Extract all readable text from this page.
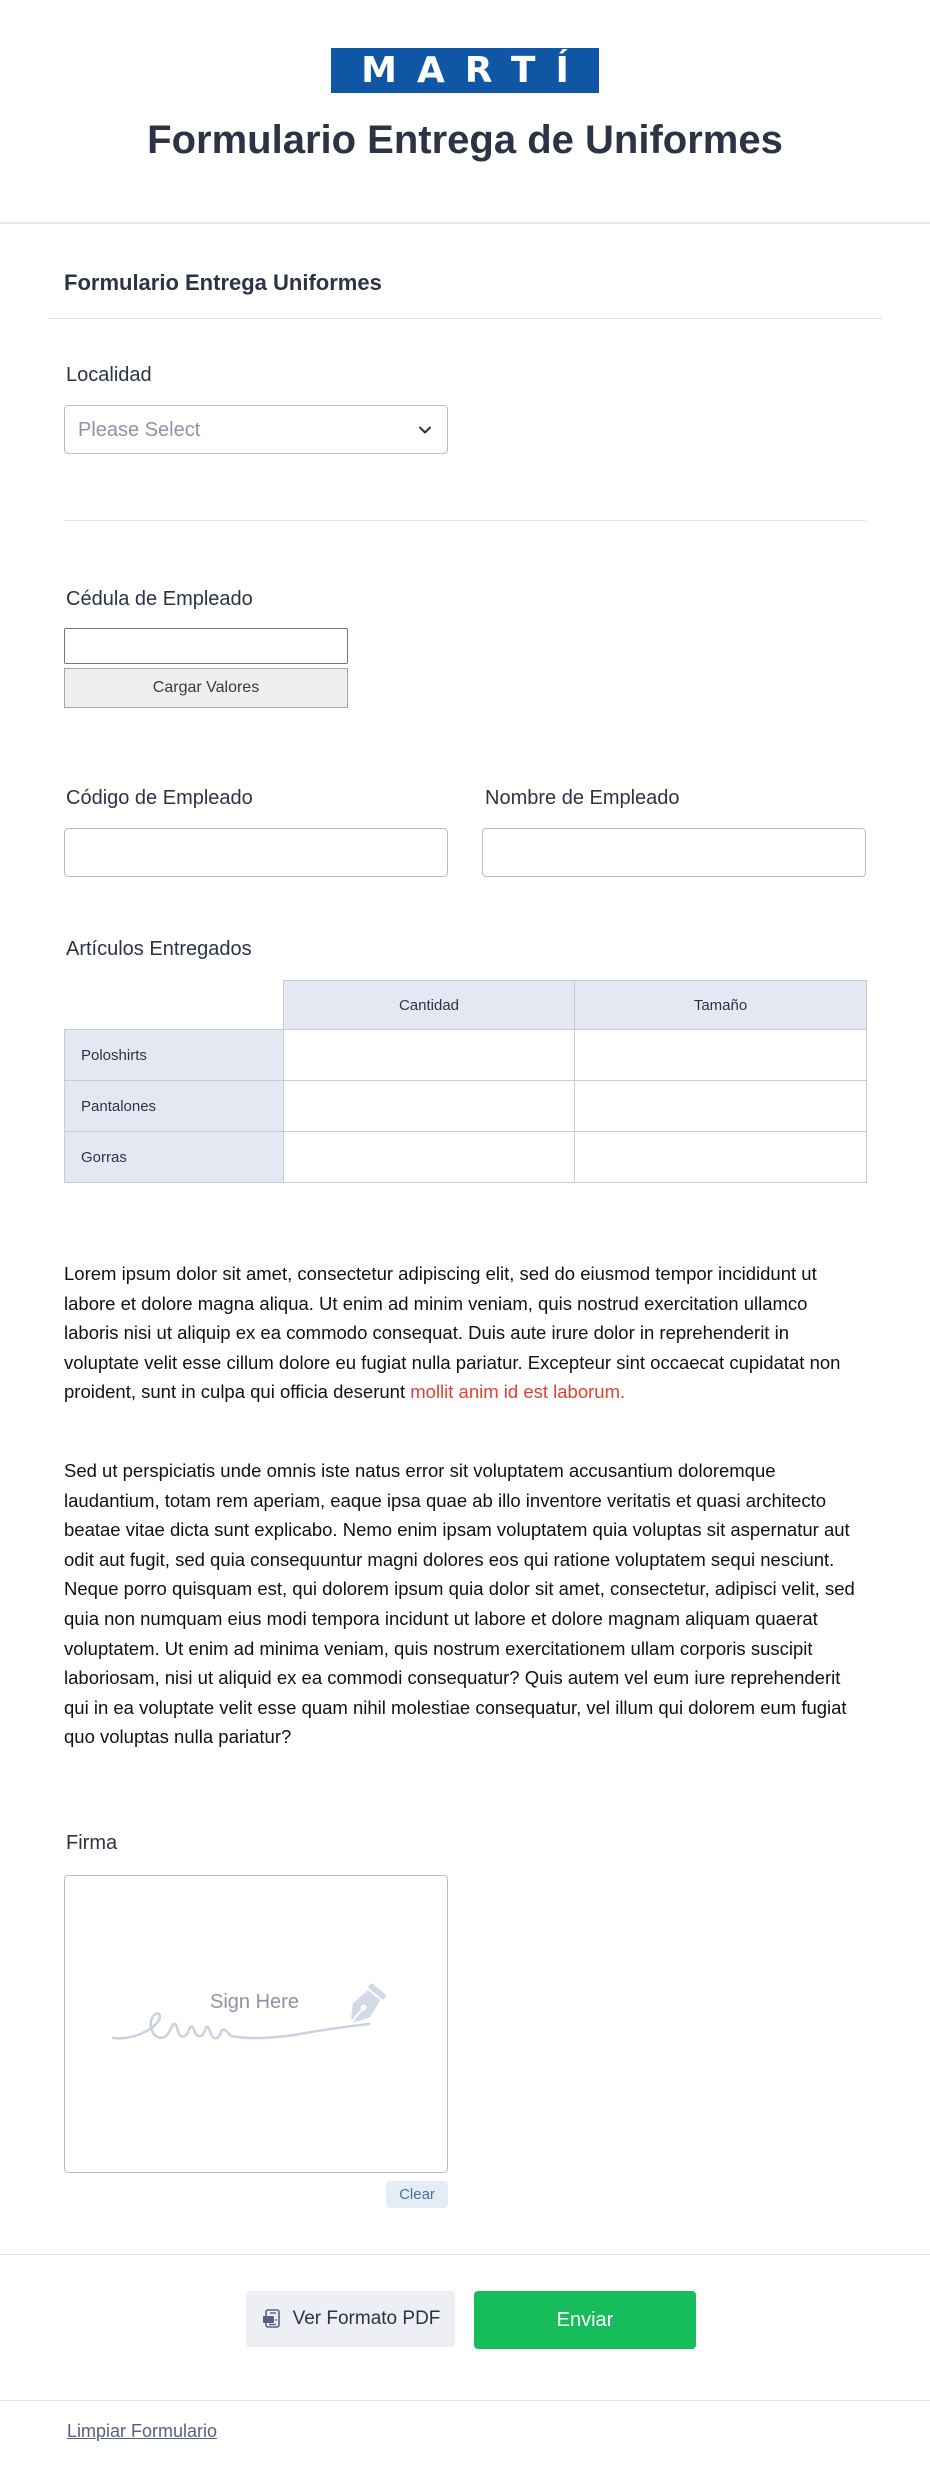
MARTÍ
Formulario Entrega de Uniformes
Formulario Entrega Uniformes
Localidad
Please Select
Cédula de Empleado
Cargar Valores
Código de Empleado	Nombre de Empleado
Artículos Entregados
	Cantidad	Tamaño
Poloshirts		
Pantalones		
Gorras		

Lorem ipsum dolor sit amet, consectetur adipiscing elit, sed do eiusmod tempor incididunt ut labore et dolore magna aliqua. Ut enim ad minim veniam, quis nostrud exercitation ullamco laboris nisi ut aliquip ex ea commodo consequat. Duis aute irure dolor in reprehenderit in voluptate velit esse cillum dolore eu fugiat nulla pariatur. Excepteur sint occaecat cupidatat non proident, sunt in culpa qui officia deserunt mollit anim id est laborum.

Sed ut perspiciatis unde omnis iste natus error sit voluptatem accusantium doloremque laudantium, totam rem aperiam, eaque ipsa quae ab illo inventore veritatis et quasi architecto beatae vitae dicta sunt explicabo. Nemo enim ipsam voluptatem quia voluptas sit aspernatur aut odit aut fugit, sed quia consequuntur magni dolores eos qui ratione voluptatem sequi nesciunt. Neque porro quisquam est, qui dolorem ipsum quia dolor sit amet, consectetur, adipisci velit, sed quia non numquam eius modi tempora incidunt ut labore et dolore magnam aliquam quaerat voluptatem. Ut enim ad minima veniam, quis nostrum exercitationem ullam corporis suscipit laboriosam, nisi ut aliquid ex ea commodi consequatur? Quis autem vel eum iure reprehenderit qui in ea voluptate velit esse quam nihil molestiae consequatur, vel illum qui dolorem eum fugiat quo voluptas nulla pariatur?

Firma
Sign Here
Clear
Ver Formato PDF	Enviar
Limpiar Formulario
